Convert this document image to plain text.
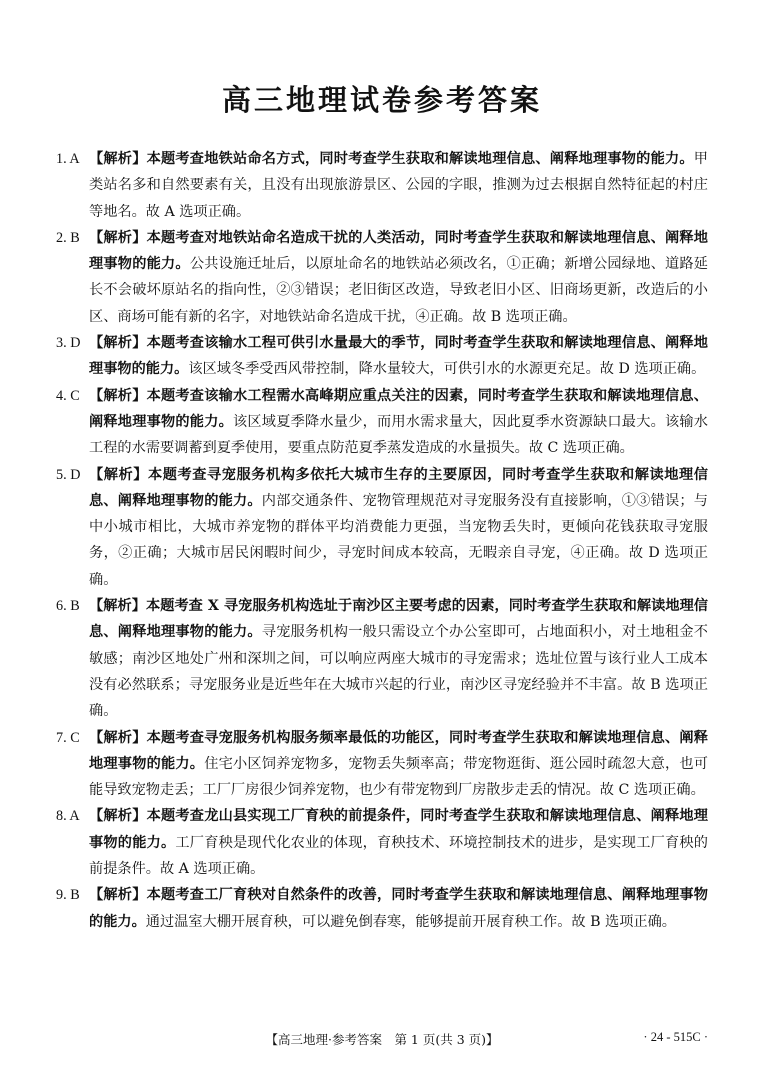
高三地理试卷参考答案

1. A 【解析】本题考查地铁站命名方式，同时考查学生获取和解读地理信息、阐释地理事物的能力。甲类站名多和自然要素有关，且没有出现旅游景区、公园的字眼，推测为过去根据自然特征起的村庄等地名。故 A 选项正确。

2. B 【解析】本题考查对地铁站命名造成干扰的人类活动，同时考查学生获取和解读地理信息、阐释地理事物的能力。公共设施迁址后，以原址命名的地铁站必须改名，①正确；新增公园绿地、道路延长不会破坏原站名的指向性，②③错误；老旧街区改造，导致老旧小区、旧商场更新，改造后的小区、商场可能有新的名字，对地铁站命名造成干扰，④正确。故 B 选项正确。

3. D 【解析】本题考查该输水工程可供引水量最大的季节，同时考查学生获取和解读地理信息、阐释地理事物的能力。该区域冬季受西风带控制，降水量较大，可供引水的水源更充足。故 D 选项正确。

4. C 【解析】本题考查该输水工程需水高峰期应重点关注的因素，同时考查学生获取和解读地理信息、阐释地理事物的能力。该区域夏季降水量少，而用水需求量大，因此夏季水资源缺口最大。该输水工程的水需要调蓄到夏季使用，要重点防范夏季蒸发造成的水量损失。故 C 选项正确。

5. D 【解析】本题考查寻宠服务机构多依托大城市生存的主要原因，同时考查学生获取和解读地理信息、阐释地理事物的能力。内部交通条件、宠物管理规范对寻宠服务没有直接影响，①③错误；与中小城市相比，大城市养宠物的群体平均消费能力更强，当宠物丢失时，更倾向花钱获取寻宠服务，②正确；大城市居民闲暇时间少，寻宠时间成本较高，无暇亲自寻宠，④正确。故 D 选项正确。

6. B 【解析】本题考查 X 寻宠服务机构选址于南沙区主要考虑的因素，同时考查学生获取和解读地理信息、阐释地理事物的能力。寻宠服务机构一般只需设立个办公室即可，占地面积小，对土地租金不敏感；南沙区地处广州和深圳之间，可以响应两座大城市的寻宠需求；选址位置与该行业人工成本没有必然联系；寻宠服务业是近些年在大城市兴起的行业，南沙区寻宠经验并不丰富。故 B 选项正确。

7. C 【解析】本题考查寻宠服务机构服务频率最低的功能区，同时考查学生获取和解读地理信息、阐释地理事物的能力。住宅小区饲养宠物多，宠物丢失频率高；带宠物逛街、逛公园时疏忽大意，也可能导致宠物走丢；工厂厂房很少饲养宠物，也少有带宠物到厂房散步走丢的情况。故 C 选项正确。

8. A 【解析】本题考查龙山县实现工厂育秧的前提条件，同时考查学生获取和解读地理信息、阐释地理事物的能力。工厂育秧是现代化农业的体现，育秧技术、环境控制技术的进步，是实现工厂育秧的前提条件。故 A 选项正确。

9. B 【解析】本题考查工厂育秧对自然条件的改善，同时考查学生获取和解读地理信息、阐释地理事物的能力。通过温室大棚开展育秧，可以避免倒春寒，能够提前开展育秧工作。故 B 选项正确。

【高三地理·参考答案　第 1 页(共 3 页)】	· 24 - 515C ·
